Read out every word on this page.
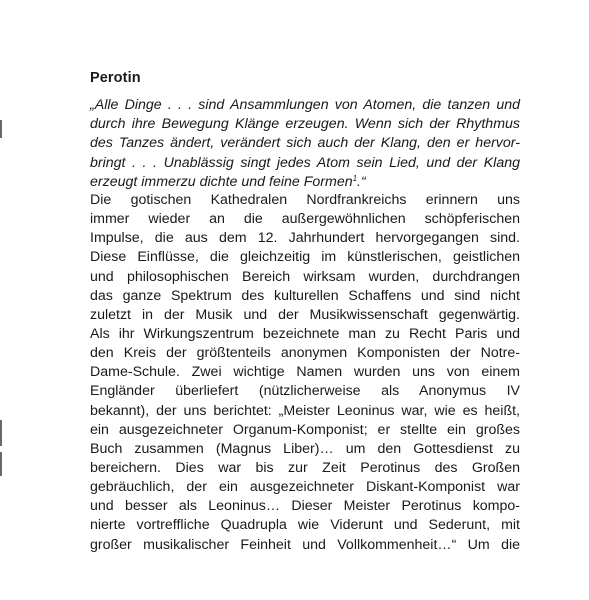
Perotin
„Alle Dinge . . . sind Ansammlungen von Atomen, die tanzen und
durch ihre Bewegung Klänge erzeugen. Wenn sich der Rhythmus
des Tanzes ändert, verändert sich auch der Klang, den er hervor-
bringt . . . Unablässig singt jedes Atom sein Lied, und der Klang
erzeugt immerzu dichte und feine Formen$^1$.“
Die gotischen Kathedralen Nordfrankreichs erinnern uns
immer wieder an die außergewöhnlichen schöpferischen
Impulse, die aus dem 12. Jahrhundert hervorgegangen sind.
Diese Einflüsse, die gleichzeitig im künstlerischen, geistlichen
und philosophischen Bereich wirksam wurden, durchdrangen
das ganze Spektrum des kulturellen Schaffens und sind nicht
zuletzt in der Musik und der Musikwissenschaft gegenwärtig.
Als ihr Wirkungszentrum bezeichnete man zu Recht Paris und
den Kreis der größtenteils anonymen Komponisten der Notre-
Dame-Schule. Zwei wichtige Namen wurden uns von einem
Engländer überliefert (nützlicherweise als Anonymus IV
bekannt), der uns berichtet: „Meister Leoninus war, wie es heißt,
ein ausgezeichneter Organum-Komponist; er stellte ein großes
Buch zusammen (Magnus Liber)… um den Gottesdienst zu
bereichern. Dies war bis zur Zeit Perotinus des Großen
gebräuchlich, der ein ausgezeichneter Diskant-Komponist war
und besser als Leoninus… Dieser Meister Perotinus kompo-
nierte vortreffliche Quadrupla wie Viderunt und Sederunt, mit
großer musikalischer Feinheit und Vollkommenheit…“ Um die
